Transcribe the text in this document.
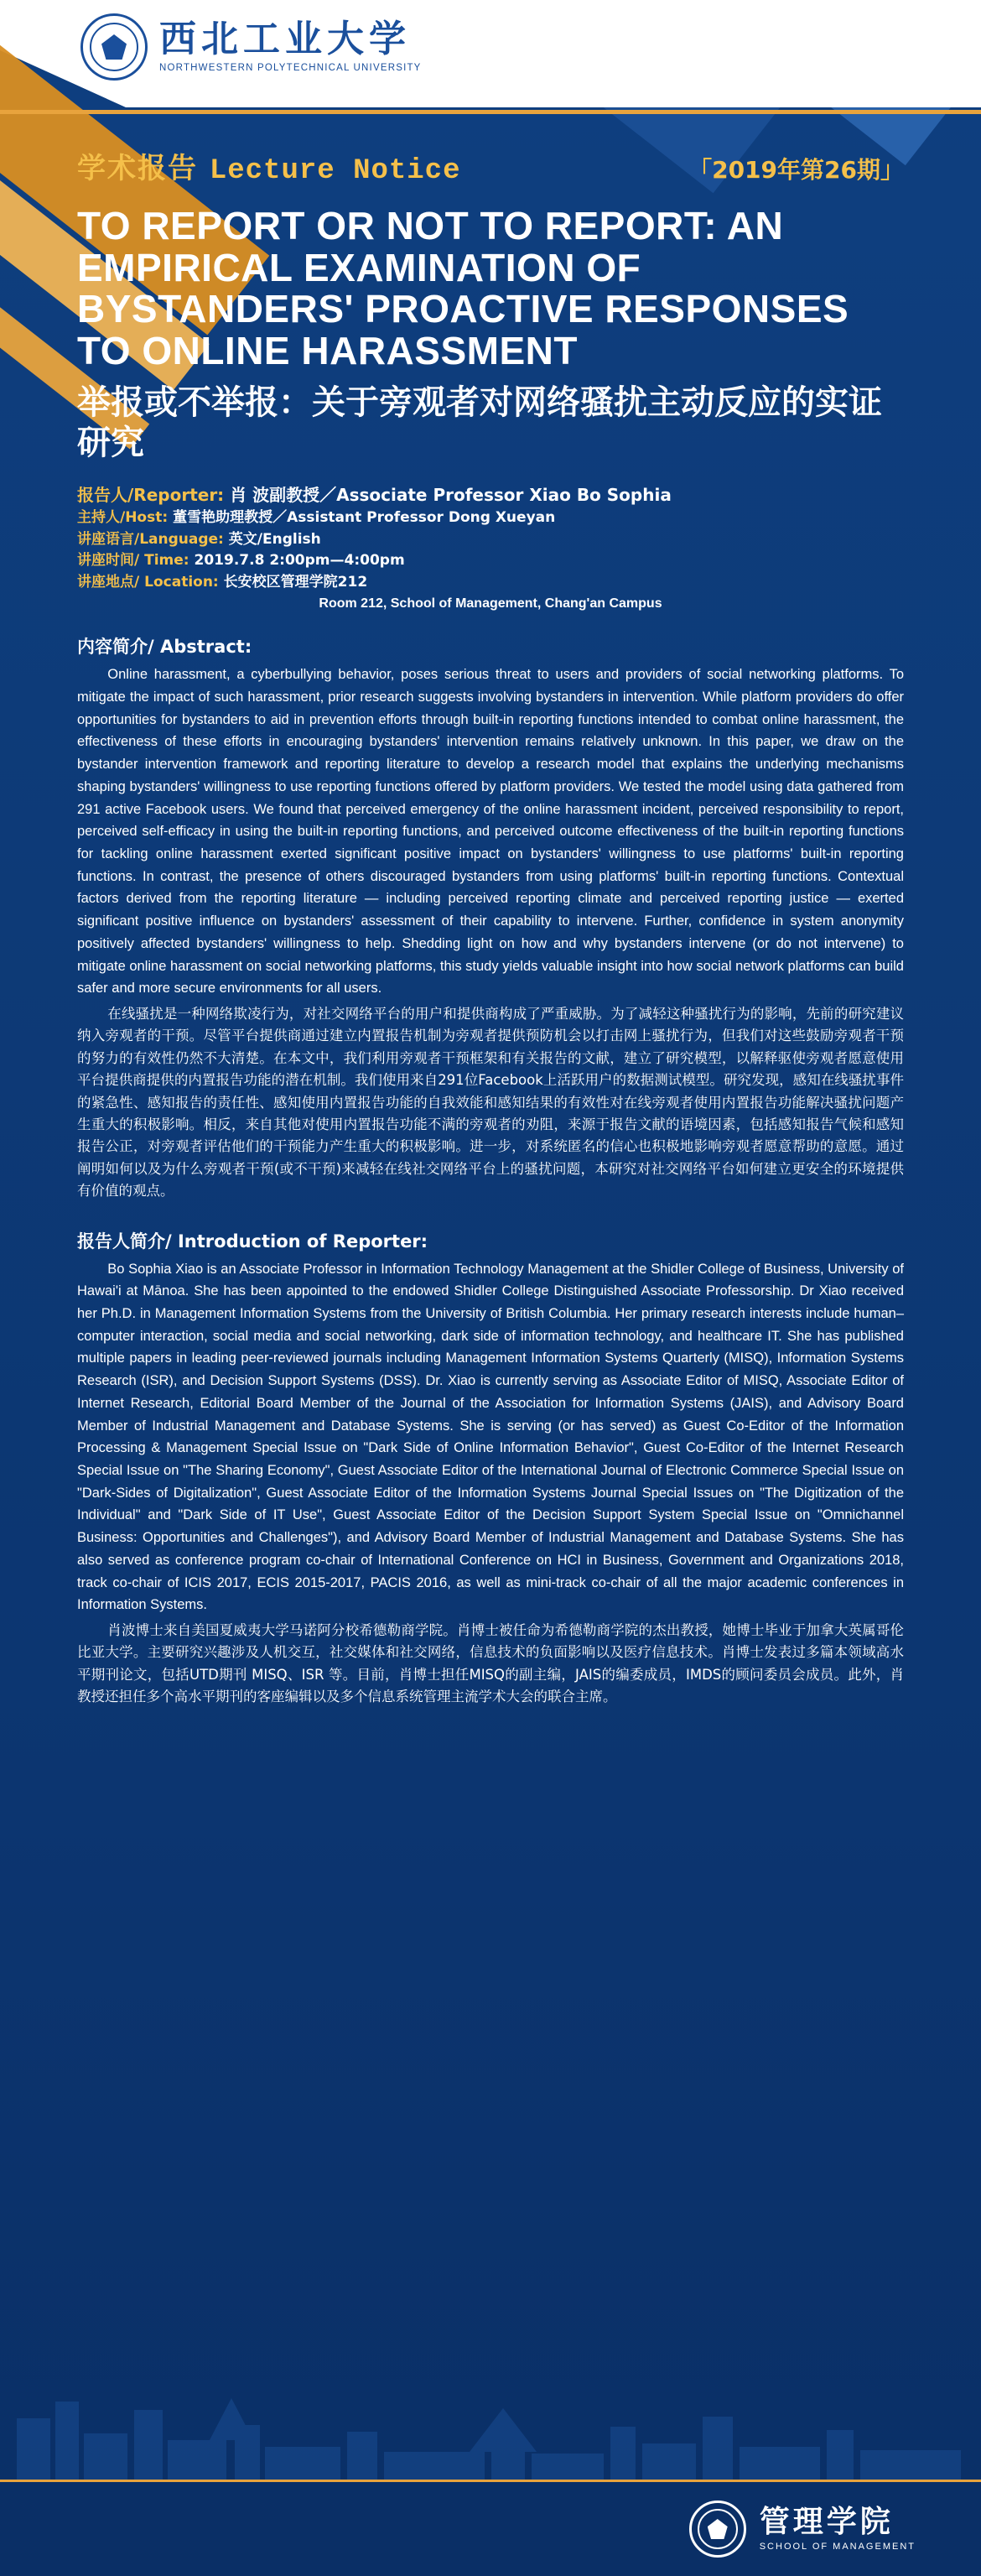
西北工业大学
NORTHWESTERN POLYTECHNICAL UNIVERSITY
学术报告 Lecture Notice	「2019年第26期」
TO REPORT OR NOT TO REPORT: AN EMPIRICAL EXAMINATION OF BYSTANDERS' PROACTIVE RESPONSES TO ONLINE HARASSMENT
举报或不举报：关于旁观者对网络骚扰主动反应的实证研究
报告人/Reporter: 肖 波副教授／Associate Professor Xiao Bo Sophia
主持人/Host: 董雪艳助理教授／Assistant Professor Dong Xueyan
讲座语言/Language: 英文/English
讲座时间/ Time: 2019.7.8 2:00pm—4:00pm
讲座地点/ Location: 长安校区管理学院212
Room 212, School of Management, Chang'an Campus
内容简介/ Abstract:

Online harassment, a cyberbullying behavior, poses serious threat to users and providers of social networking platforms. To mitigate the impact of such harassment, prior research suggests involving bystanders in intervention. While platform providers do offer opportunities for bystanders to aid in prevention efforts through built-in reporting functions intended to combat online harassment, the effectiveness of these efforts in encouraging bystanders' intervention remains relatively unknown. In this paper, we draw on the bystander intervention framework and reporting literature to develop a research model that explains the underlying mechanisms shaping bystanders' willingness to use reporting functions offered by platform providers. We tested the model using data gathered from 291 active Facebook users. We found that perceived emergency of the online harassment incident, perceived responsibility to report, perceived self-efficacy in using the built-in reporting functions, and perceived outcome effectiveness of the built-in reporting functions for tackling online harassment exerted significant positive impact on bystanders' willingness to use platforms' built-in reporting functions. In contrast, the presence of others discouraged bystanders from using platforms' built-in reporting functions. Contextual factors derived from the reporting literature — including perceived reporting climate and perceived reporting justice — exerted significant positive influence on bystanders' assessment of their capability to intervene. Further, confidence in system anonymity positively affected bystanders' willingness to help. Shedding light on how and why bystanders intervene (or do not intervene) to mitigate online harassment on social networking platforms, this study yields valuable insight into how social network platforms can build safer and more secure environments for all users.

在线骚扰是一种网络欺凌行为，对社交网络平台的用户和提供商构成了严重威胁。为了减轻这种骚扰行为的影响，先前的研究建议纳入旁观者的干预。尽管平台提供商通过建立内置报告机制为旁观者提供预防机会以打击网上骚扰行为，但我们对这些鼓励旁观者干预的努力的有效性仍然不大清楚。在本文中，我们利用旁观者干预框架和有关报告的文献，建立了研究模型，以解释驱使旁观者愿意使用平台提供商提供的内置报告功能的潜在机制。我们使用来自291位Facebook上活跃用户的数据测试模型。研究发现，感知在线骚扰事件的紧急性、感知报告的责任性、感知使用内置报告功能的自我效能和感知结果的有效性对在线旁观者使用内置报告功能解决骚扰问题产生重大的积极影响。相反，来自其他对使用内置报告功能不满的旁观者的劝阻，来源于报告文献的语境因素，包括感知报告气候和感知报告公正，对旁观者评估他们的干预能力产生重大的积极影响。进一步，对系统匿名的信心也积极地影响旁观者愿意帮助的意愿。通过阐明如何以及为什么旁观者干预(或不干预)来减轻在线社交网络平台上的骚扰问题，本研究对社交网络平台如何建立更安全的环境提供有价值的观点。

报告人简介/ Introduction of Reporter:

Bo Sophia Xiao is an Associate Professor in Information Technology Management at the Shidler College of Business, University of Hawai'i at Mānoa. She has been appointed to the endowed Shidler College Distinguished Associate Professorship. Dr Xiao received her Ph.D. in Management Information Systems from the University of British Columbia. Her primary research interests include human–computer interaction, social media and social networking, dark side of information technology, and healthcare IT. She has published multiple papers in leading peer-reviewed journals including Management Information Systems Quarterly (MISQ), Information Systems Research (ISR), and Decision Support Systems (DSS). Dr. Xiao is currently serving as Associate Editor of MISQ, Associate Editor of Internet Research, Editorial Board Member of the Journal of the Association for Information Systems (JAIS), and Advisory Board Member of Industrial Management and Database Systems. She is serving (or has served) as Guest Co-Editor of the Information Processing & Management Special Issue on "Dark Side of Online Information Behavior", Guest Co-Editor of the Internet Research Special Issue on "The Sharing Economy", Guest Associate Editor of the International Journal of Electronic Commerce Special Issue on "Dark-Sides of Digitalization", Guest Associate Editor of the Information Systems Journal Special Issues on "The Digitization of the Individual" and "Dark Side of IT Use", Guest Associate Editor of the Decision Support System Special Issue on "Omnichannel Business: Opportunities and Challenges"), and Advisory Board Member of Industrial Management and Database Systems. She has also served as conference program co-chair of International Conference on HCI in Business, Government and Organizations 2018, track co-chair of ICIS 2017, ECIS 2015-2017, PACIS 2016, as well as mini-track co-chair of all the major academic conferences in Information Systems.

肖波博士来自美国夏威夷大学马诺阿分校希德勒商学院。肖博士被任命为希德勒商学院的杰出教授，她博士毕业于加拿大英属哥伦比亚大学。主要研究兴趣涉及人机交互，社交媒体和社交网络，信息技术的负面影响以及医疗信息技术。肖博士发表过多篇本领域高水平期刊论文，包括UTD期刊 MISQ、ISR 等。目前，肖博士担任MISQ的副主编，JAIS的编委成员，IMDS的顾问委员会成员。此外，肖教授还担任多个高水平期刊的客座编辑以及多个信息系统管理主流学术大会的联合主席。

管理学院
SCHOOL OF MANAGEMENT
